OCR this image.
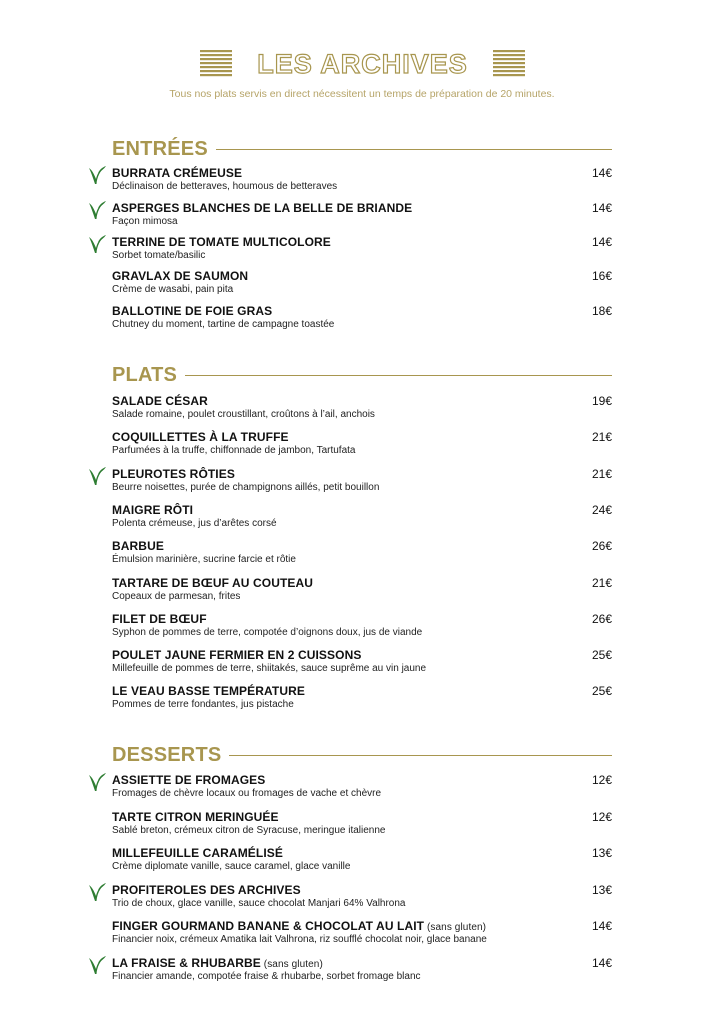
LES ARCHIVES
Tous nos plats servis en direct nécessitent un temps de préparation de 20 minutes.
ENTRÉES
BURRATA CRÉMEUSE
Déclinaison de betteraves, houmous de betteraves
14€
ASPERGES BLANCHES DE LA BELLE DE BRIANDE
Façon mimosa
14€
TERRINE DE TOMATE MULTICOLORE
Sorbet tomate/basilic
14€
GRAVLAX DE SAUMON
Crème de wasabi, pain pita
16€
BALLOTINE DE FOIE GRAS
Chutney du moment, tartine de campagne toastée
18€
PLATS
SALADE CÉSAR
Salade romaine, poulet croustillant, croûtons à l’ail, anchois
19€
COQUILLETTES À LA TRUFFE
Parfumées à la truffe, chiffonnade de jambon, Tartufata
21€
PLEUROTES RÔTIES
Beurre noisettes, purée de champignons aillés, petit bouillon
21€
MAIGRE RÔTI
Polenta crémeuse, jus d’arêtes corsé
24€
BARBUE
Émulsion marinière, sucrine farcie et rôtie
26€
TARTARE DE BŒUF AU COUTEAU
Copeaux de parmesan, frites
21€
FILET DE BŒUF
Syphon de pommes de terre, compotée d’oignons doux, jus de viande
26€
POULET JAUNE FERMIER EN 2 CUISSONS
Millefeuille de pommes de terre, shiitakés, sauce suprême au vin jaune
25€
LE VEAU BASSE TEMPÉRATURE
Pommes de terre fondantes, jus pistache
25€
DESSERTS
ASSIETTE DE FROMAGES
Fromages de chèvre locaux ou fromages de vache et chèvre
12€
TARTE CITRON MERINGUÉE
Sablé breton, crémeux citron de Syracuse, meringue italienne
12€
MILLEFEUILLE CARAMÉLISÉ
Crème diplomate vanille, sauce caramel, glace vanille
13€
PROFITEROLES DES ARCHIVES
Trio de choux, glace vanille, sauce chocolat Manjari 64% Valhrona
13€
FINGER GOURMAND BANANE & CHOCOLAT AU LAIT (sans gluten)
Financier noix, crémeux Amatika lait Valhrona, riz soufflé chocolat noir, glace banane
14€
LA FRAISE & RHUBARBE (sans gluten)
Financier amande, compotée fraise & rhubarbe, sorbet fromage blanc
14€
